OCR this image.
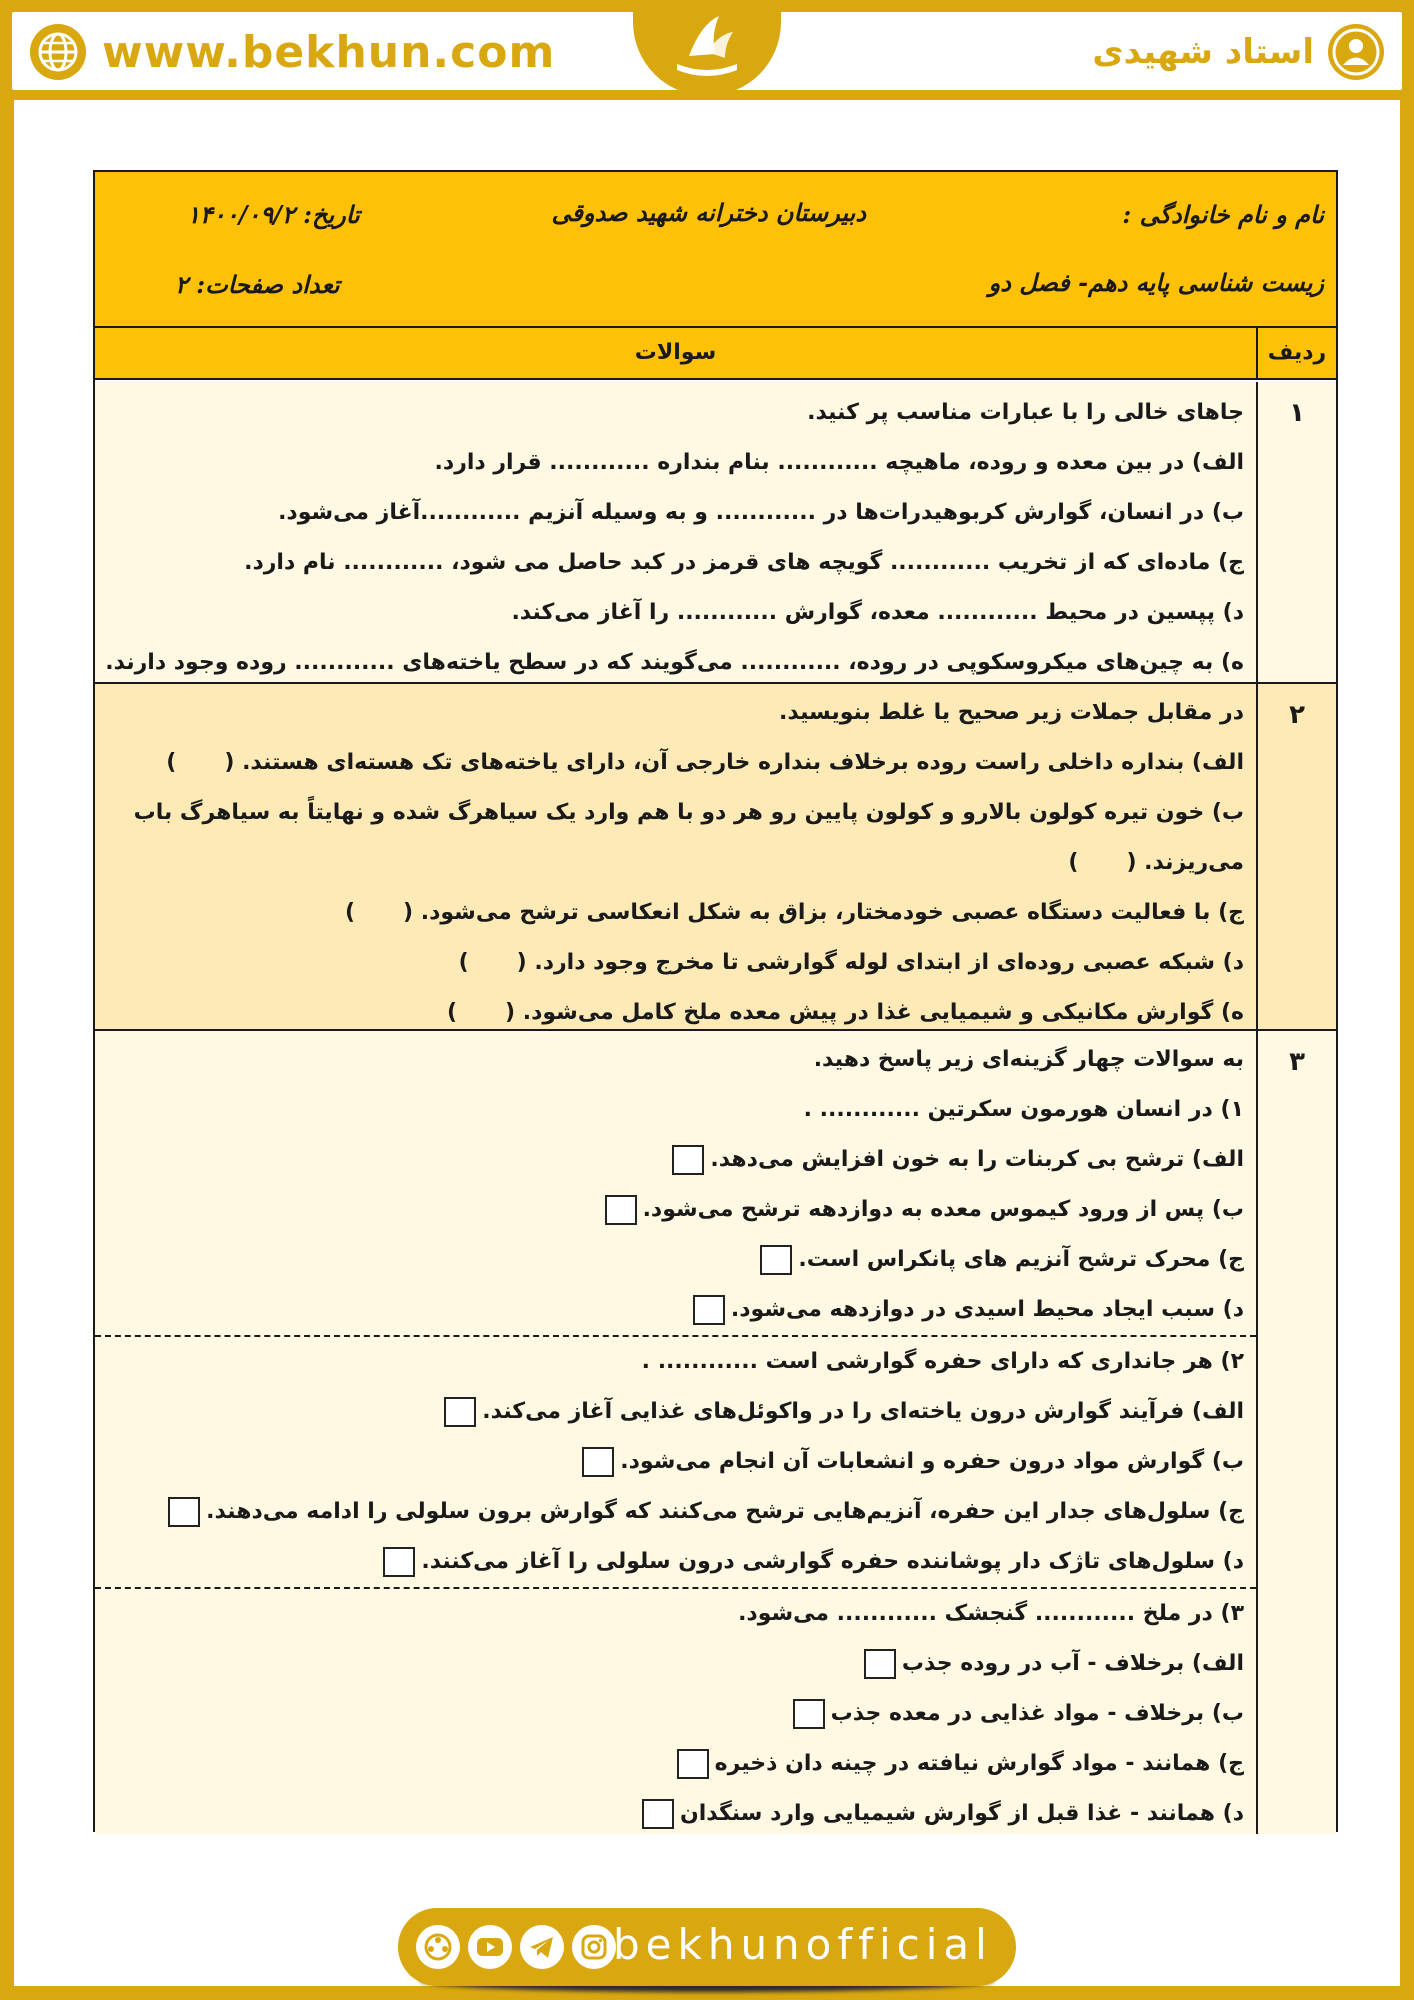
www.bekhun.com	استاد شهیدی
نام و نام خانوادگی :
دبیرستان دخترانه شهید صدوقی
تاریخ: ۱۴۰۰/۰۹/۲
زیست شناسی پایه دهم- فصل دو
تعداد صفحات: ۲
ردیف
سوالات
۱
جاهای خالی را با عبارات مناسب پر کنید.
الف) در بین معده و روده، ماهیچه ............ بنام بنداره ............ قرار دارد.
ب) در انسان، گوارش کربوهیدرات‌ها در ............ و به وسیله آنزیم ............آغاز می‌شود.
ج) ماده‌ای که از تخریب ............ گویچه های قرمز در کبد حاصل می شود، ............ نام دارد.
د) پپسین در محیط ............ معده، گوارش ............ را آغاز می‌کند.
ه) به چین‌های میکروسکوپی در روده، ............ می‌گویند که در سطح یاخته‌های ............ روده وجود دارند.
۲
در مقابل جملات زیر صحیح یا غلط بنویسید.
الف) بنداره داخلی راست روده برخلاف بنداره خارجی آن، دارای یاخته‌های تک هسته‌ای هستند. ()
ب) خون تیره کولون بالارو و کولون پایین رو هر دو با هم وارد یک سیاهرگ شده و نهایتاً به سیاهرگ باب
می‌ریزند. ()
ج) با فعالیت دستگاه عصبی خودمختار، بزاق به شکل انعکاسی ترشح می‌شود. ()
د) شبکه عصبی روده‌ای از ابتدای لوله گوارشی تا مخرج وجود دارد. ()
ه) گوارش مکانیکی و شیمیایی غذا در پیش معده ملخ کامل می‌شود. ()
۳
به سوالات چهار گزینه‌ای زیر پاسخ دهید.
۱) در انسان هورمون سکرتین ............ .
الف) ترشح بی کربنات را به خون افزایش می‌دهد.
ب) پس از ورود کیموس معده به دوازدهه ترشح می‌شود.
ج) محرک ترشح آنزیم های پانکراس است.
د) سبب ایجاد محیط اسیدی در دوازدهه می‌شود.
۲) هر جانداری که دارای حفره گوارشی است ............ .
الف) فرآیند گوارش درون یاخته‌ای را در واکوئل‌های غذایی آغاز می‌کند.
ب) گوارش مواد درون حفره و انشعابات آن انجام می‌شود.
ج) سلول‌های جدار این حفره، آنزیم‌هایی ترشح می‌کنند که گوارش برون سلولی را ادامه می‌دهند.
د) سلول‌های تاژک دار پوشاننده حفره گوارشی درون سلولی را آغاز می‌کنند.
۳) در ملخ ............ گنجشک ............ می‌شود.
الف) برخلاف - آب در روده جذب
ب) برخلاف - مواد غذایی در معده جذب
ج) همانند - مواد گوارش نیافته در چینه دان ذخیره
د) همانند - غذا قبل از گوارش شیمیایی وارد سنگدان
bekhunofficial
